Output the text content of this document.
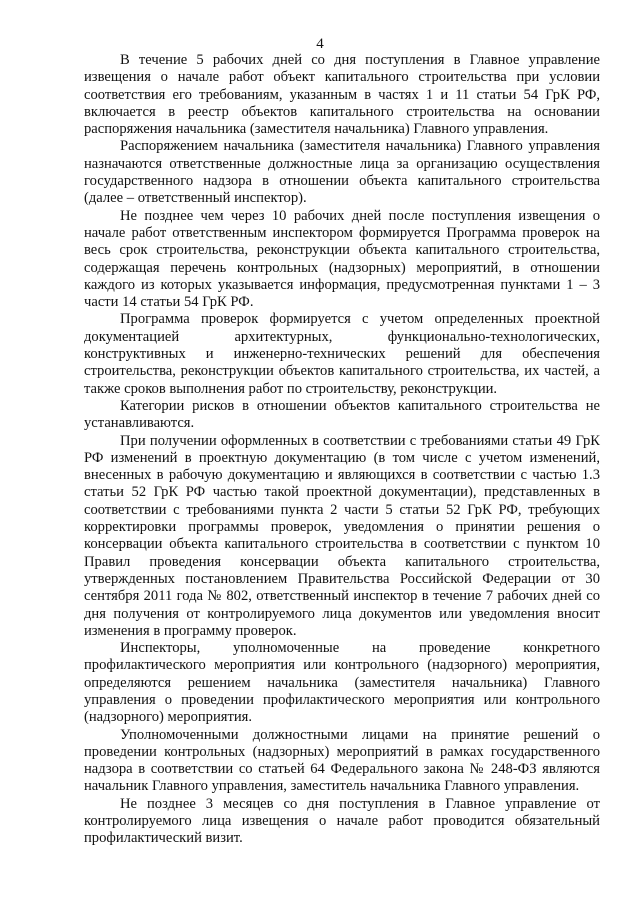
4

В течение 5 рабочих дней со дня поступления в Главное управление извещения о начале работ объект капитального строительства при условии соответствия его требованиям, указанным в частях 1 и 11 статьи 54 ГрК РФ, включается в реестр объектов капитального строительства на основании распоряжения начальника (заместителя начальника) Главного управления.

Распоряжением начальника (заместителя начальника) Главного управления назначаются ответственные должностные лица за организацию осуществления государственного надзора в отношении объекта капитального строительства (далее – ответственный инспектор).

Не позднее чем через 10 рабочих дней после поступления извещения о начале работ ответственным инспектором формируется Программа проверок на весь срок строительства, реконструкции объекта капитального строительства, содержащая перечень контрольных (надзорных) мероприятий, в отношении каждого из которых указывается информация, предусмотренная пунктами 1 – 3 части 14 статьи 54 ГрК РФ.

Программа проверок формируется с учетом определенных проектной документацией архитектурных, функционально-технологических, конструктивных и инженерно-технических решений для обеспечения строительства, реконструкции объектов капитального строительства, их частей, а также сроков выполнения работ по строительству, реконструкции.

Категории рисков в отношении объектов капитального строительства не устанавливаются.

При получении оформленных в соответствии с требованиями статьи 49 ГрК РФ изменений в проектную документацию (в том числе с учетом изменений, внесенных в рабочую документацию и являющихся в соответствии с частью 1.3 статьи 52 ГрК РФ частью такой проектной документации), представленных в соответствии с требованиями пункта 2 части 5 статьи 52 ГрК РФ, требующих корректировки программы проверок, уведомления о принятии решения о консервации объекта капитального строительства в соответствии с пунктом 10 Правил проведения консервации объекта капитального строительства, утвержденных постановлением Правительства Российской Федерации от 30 сентября 2011 года № 802, ответственный инспектор в течение 7 рабочих дней со дня получения от контролируемого лица документов или уведомления вносит изменения в программу проверок.

Инспекторы, уполномоченные на проведение конкретного профилактического мероприятия или контрольного (надзорного) мероприятия, определяются решением начальника (заместителя начальника) Главного управления о проведении профилактического мероприятия или контрольного (надзорного) мероприятия.

Уполномоченными должностными лицами на принятие решений о проведении контрольных (надзорных) мероприятий в рамках государственного надзора в соответствии со статьей 64 Федерального закона № 248-ФЗ являются начальник Главного управления, заместитель начальника Главного управления.

Не позднее 3 месяцев со дня поступления в Главное управление от контролируемого лица извещения о начале работ проводится обязательный профилактический визит.
